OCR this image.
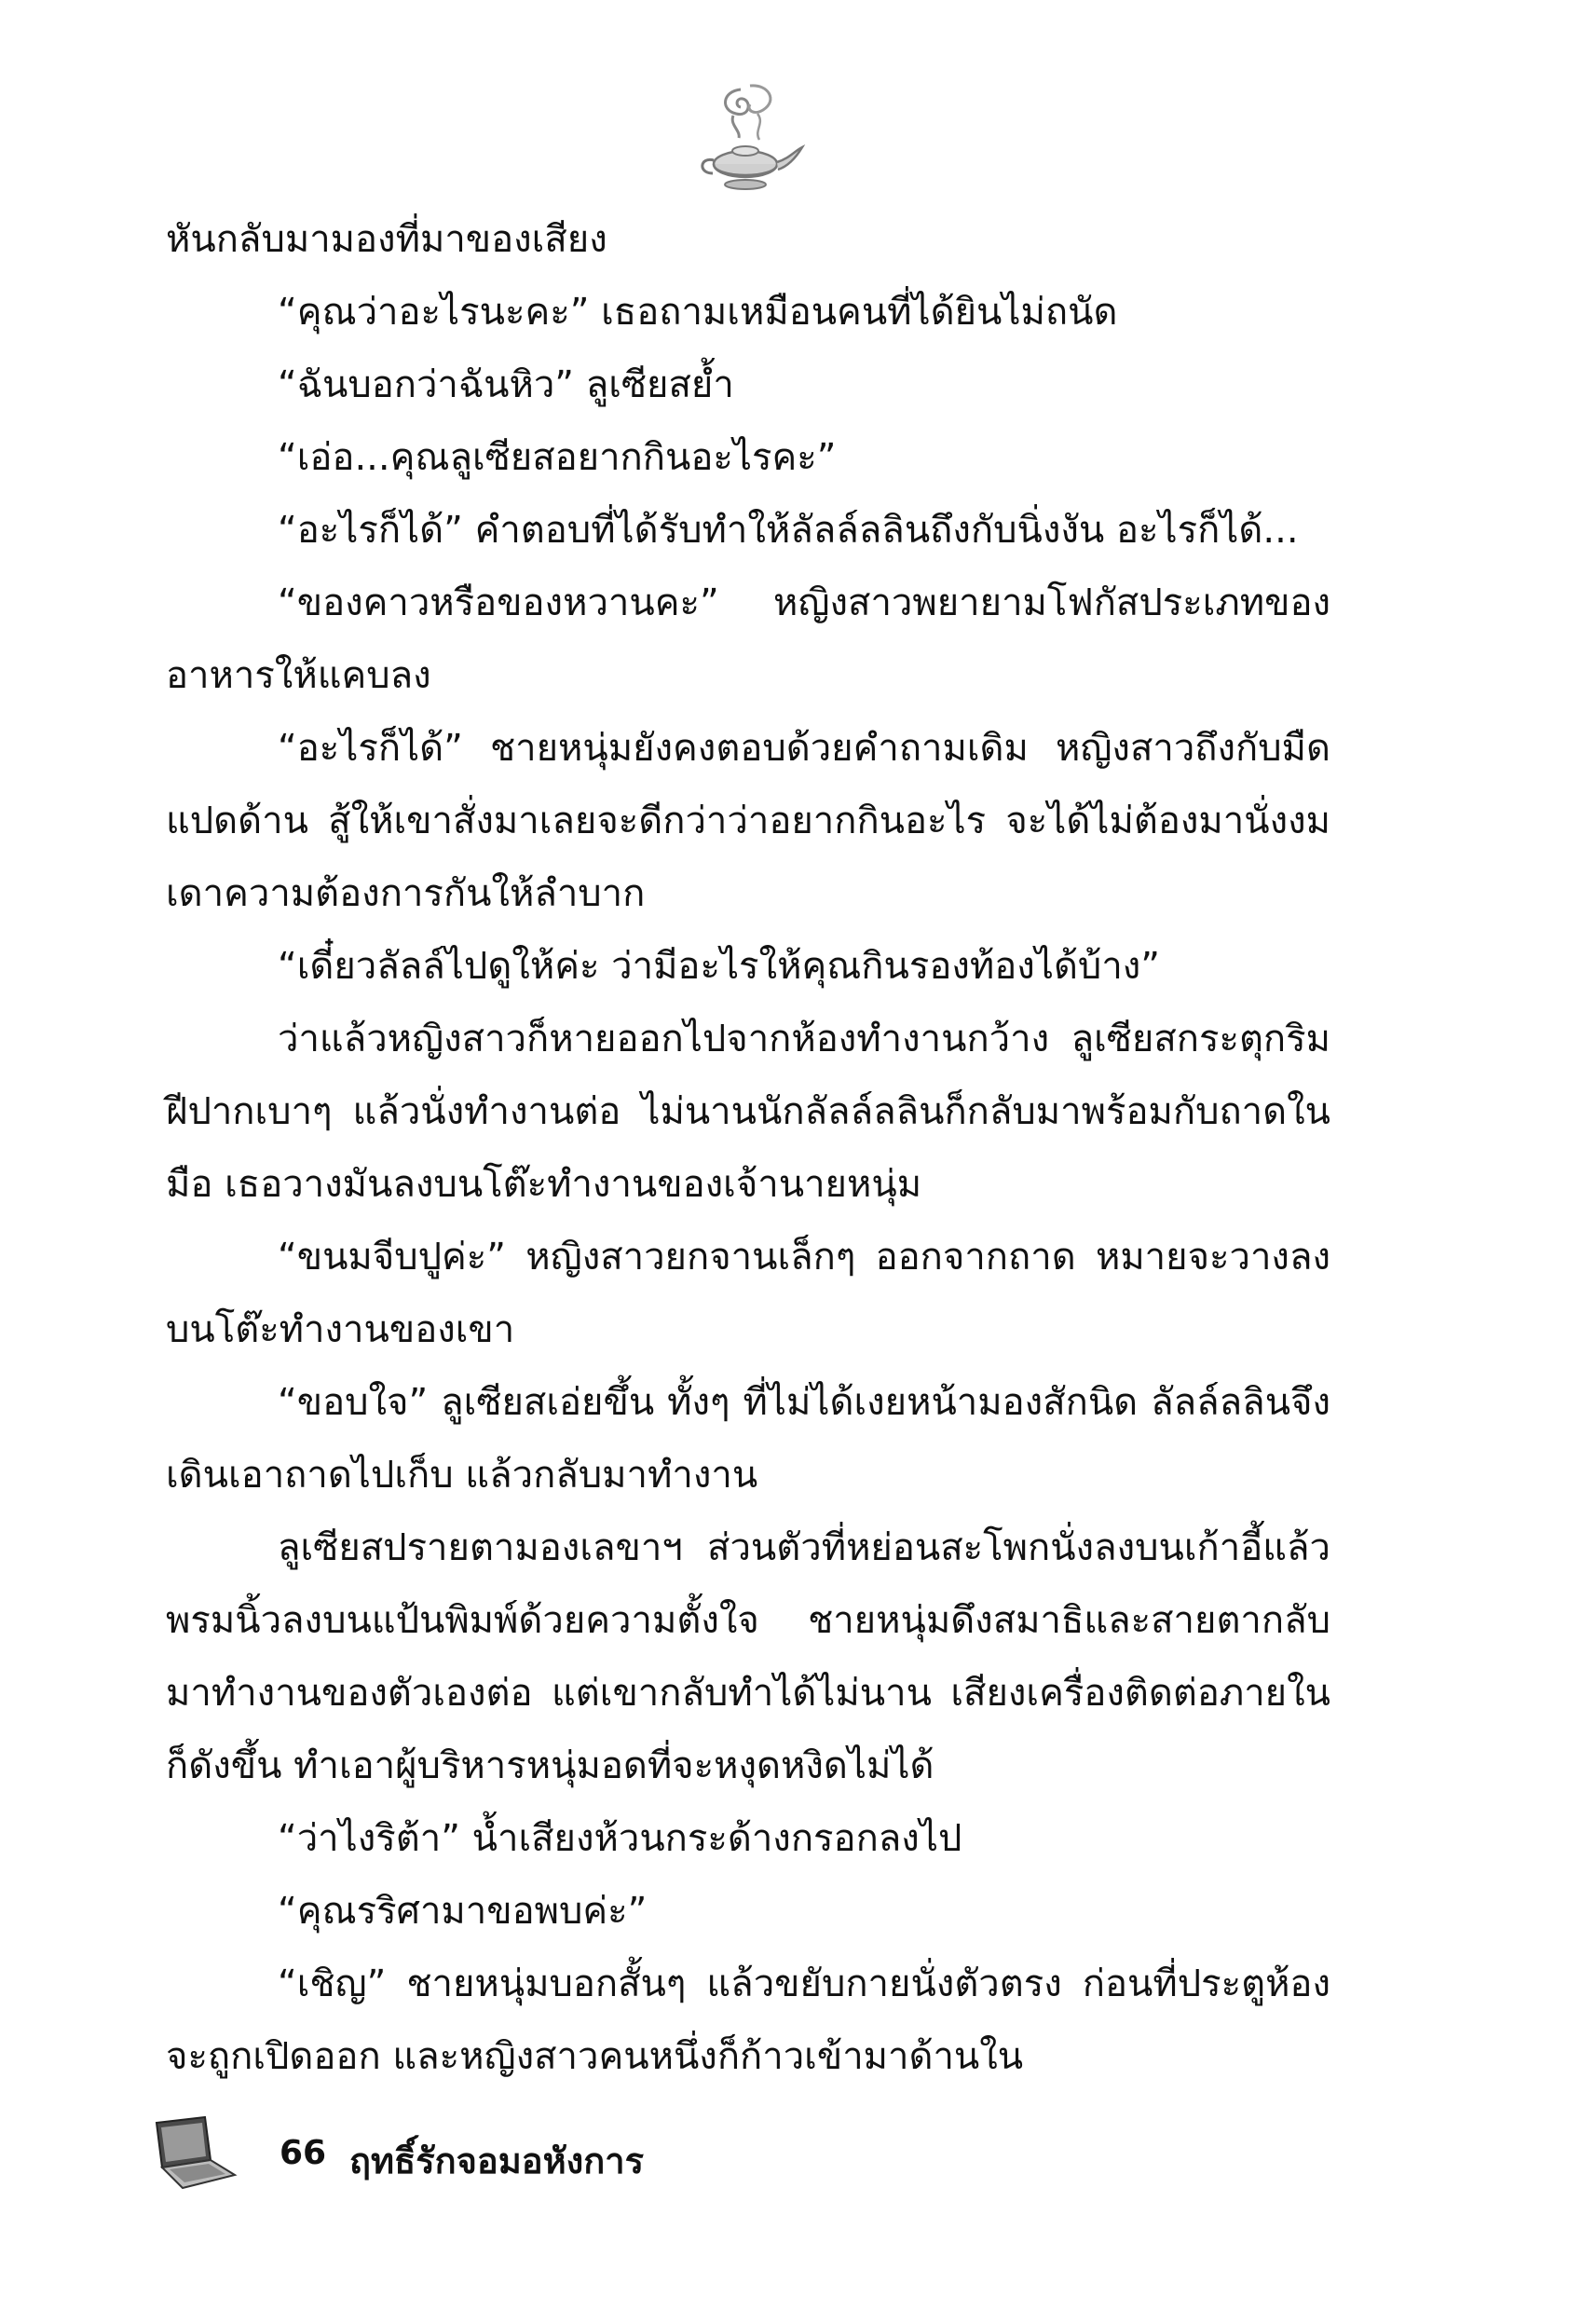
หันกลับมามองที่มาของเสียง

“คุณว่าอะไรนะคะ” เธอถามเหมือนคนที่ได้ยินไม่ถนัด

“ฉันบอกว่าฉันหิว” ลูเซียสย้ำ

“เอ่อ...คุณลูเซียสอยากกินอะไรคะ”

“อะไรก็ได้” คำตอบที่ได้รับทำให้ลัลล์ลลินถึงกับนิ่งงัน อะไรก็ได้...

“ของคาวหรือของหวานคะ” หญิงสาวพยายามโฟกัสประเภทของอาหารให้แคบลง

“อะไรก็ได้” ชายหนุ่มยังคงตอบด้วยคำถามเดิม หญิงสาวถึงกับมืดแปดด้าน สู้ให้เขาสั่งมาเลยจะดีกว่าว่าอยากกินอะไร จะได้ไม่ต้องมานั่งงม เดาความต้องการกันให้ลำบาก

“เดี๋ยวลัลล์ไปดูให้ค่ะ ว่ามีอะไรให้คุณกินรองท้องได้บ้าง”

ว่าแล้วหญิงสาวก็หายออกไปจากห้องทำงานกว้าง ลูเซียสกระตุกริมฝีปากเบาๆ แล้วนั่งทำงานต่อ ไม่นานนักลัลล์ลลินก็กลับมาพร้อมกับถาดในมือ เธอวางมันลงบนโต๊ะทำงานของเจ้านายหนุ่ม

“ขนมจีบปูค่ะ” หญิงสาวยกจานเล็กๆ ออกจากถาด หมายจะวางลงบนโต๊ะทำงานของเขา

“ขอบใจ” ลูเซียสเอ่ยขึ้น ทั้งๆ ที่ไม่ได้เงยหน้ามองสักนิด ลัลล์ลลินจึงเดินเอาถาดไปเก็บ แล้วกลับมาทำงาน

ลูเซียสปรายตามองเลขาฯ ส่วนตัวที่หย่อนสะโพกนั่งลงบนเก้าอี้แล้วพรมนิ้วลงบนแป้นพิมพ์ด้วยความตั้งใจ ชายหนุ่มดึงสมาธิและสายตากลับมาทำงานของตัวเองต่อ แต่เขากลับทำได้ไม่นาน เสียงเครื่องติดต่อภายในก็ดังขึ้น ทำเอาผู้บริหารหนุ่มอดที่จะหงุดหงิดไม่ได้

“ว่าไงริต้า” น้ำเสียงห้วนกระด้างกรอกลงไป

“คุณรริศามาขอพบค่ะ”

“เชิญ” ชายหนุ่มบอกสั้นๆ แล้วขยับกายนั่งตัวตรง ก่อนที่ประตูห้องจะถูกเปิดออก และหญิงสาวคนหนึ่งก็ก้าวเข้ามาด้านใน

66 ฤทธิ์รักจอมอหังการ
